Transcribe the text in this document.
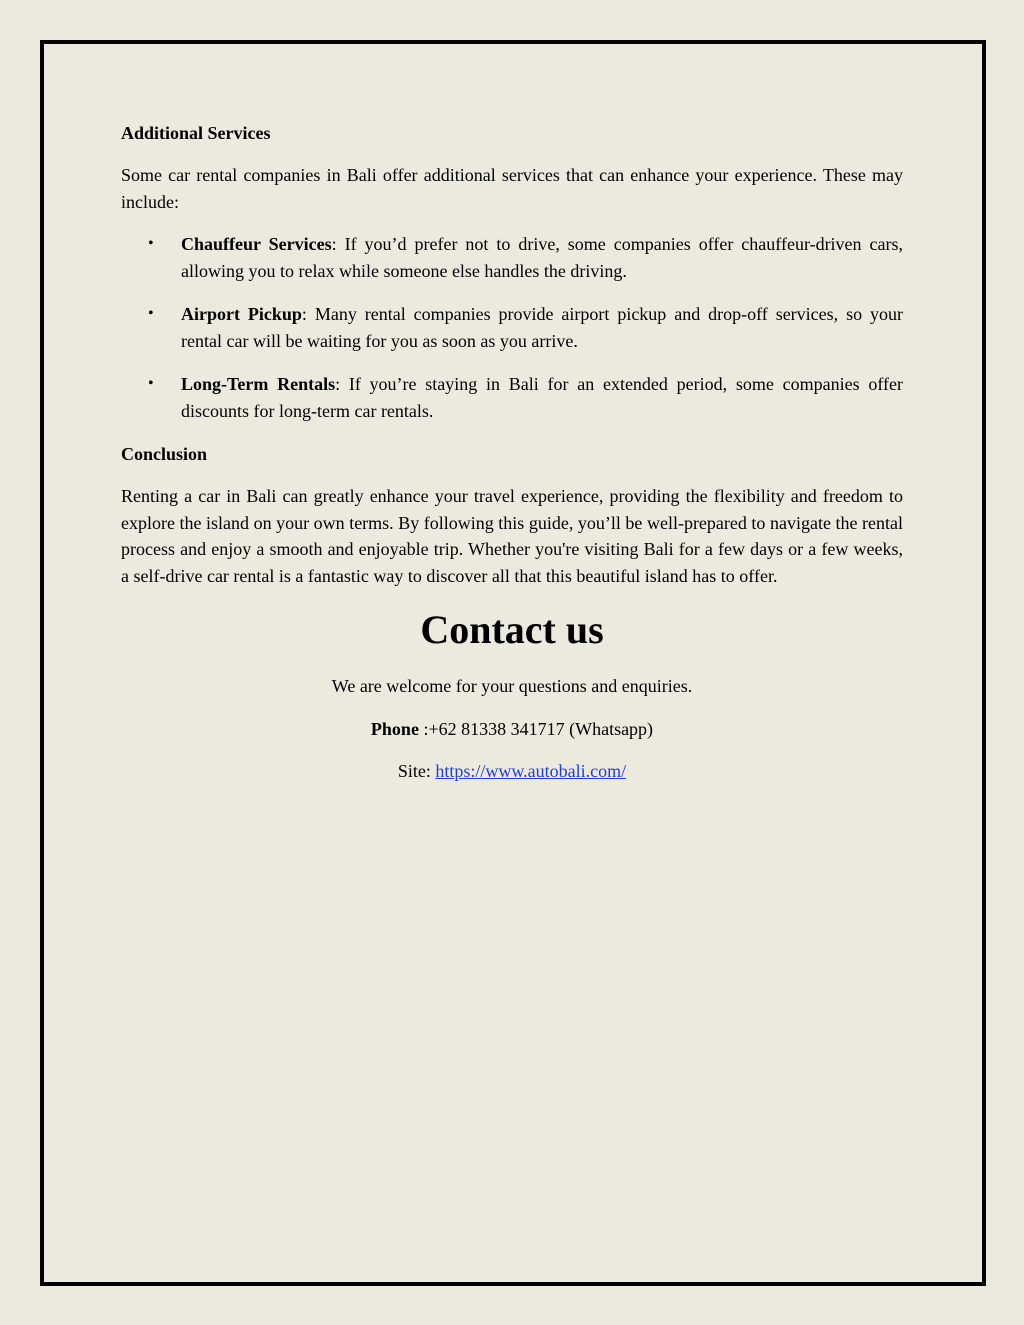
Additional Services

Some car rental companies in Bali offer additional services that can enhance your experience. These may include:

• Chauffeur Services: If you’d prefer not to drive, some companies offer chauffeur-driven cars, allowing you to relax while someone else handles the driving.
• Airport Pickup: Many rental companies provide airport pickup and drop-off services, so your rental car will be waiting for you as soon as you arrive.
• Long-Term Rentals: If you’re staying in Bali for an extended period, some companies offer discounts for long-term car rentals.
Conclusion

Renting a car in Bali can greatly enhance your travel experience, providing the flexibility and freedom to explore the island on your own terms. By following this guide, you’ll be well-prepared to navigate the rental process and enjoy a smooth and enjoyable trip. Whether you're visiting Bali for a few days or a few weeks, a self-drive car rental is a fantastic way to discover all that this beautiful island has to offer.

Contact us

We are welcome for your questions and enquiries.

Phone :+62 81338 341717 (Whatsapp)

Site: https://www.autobali.com/
